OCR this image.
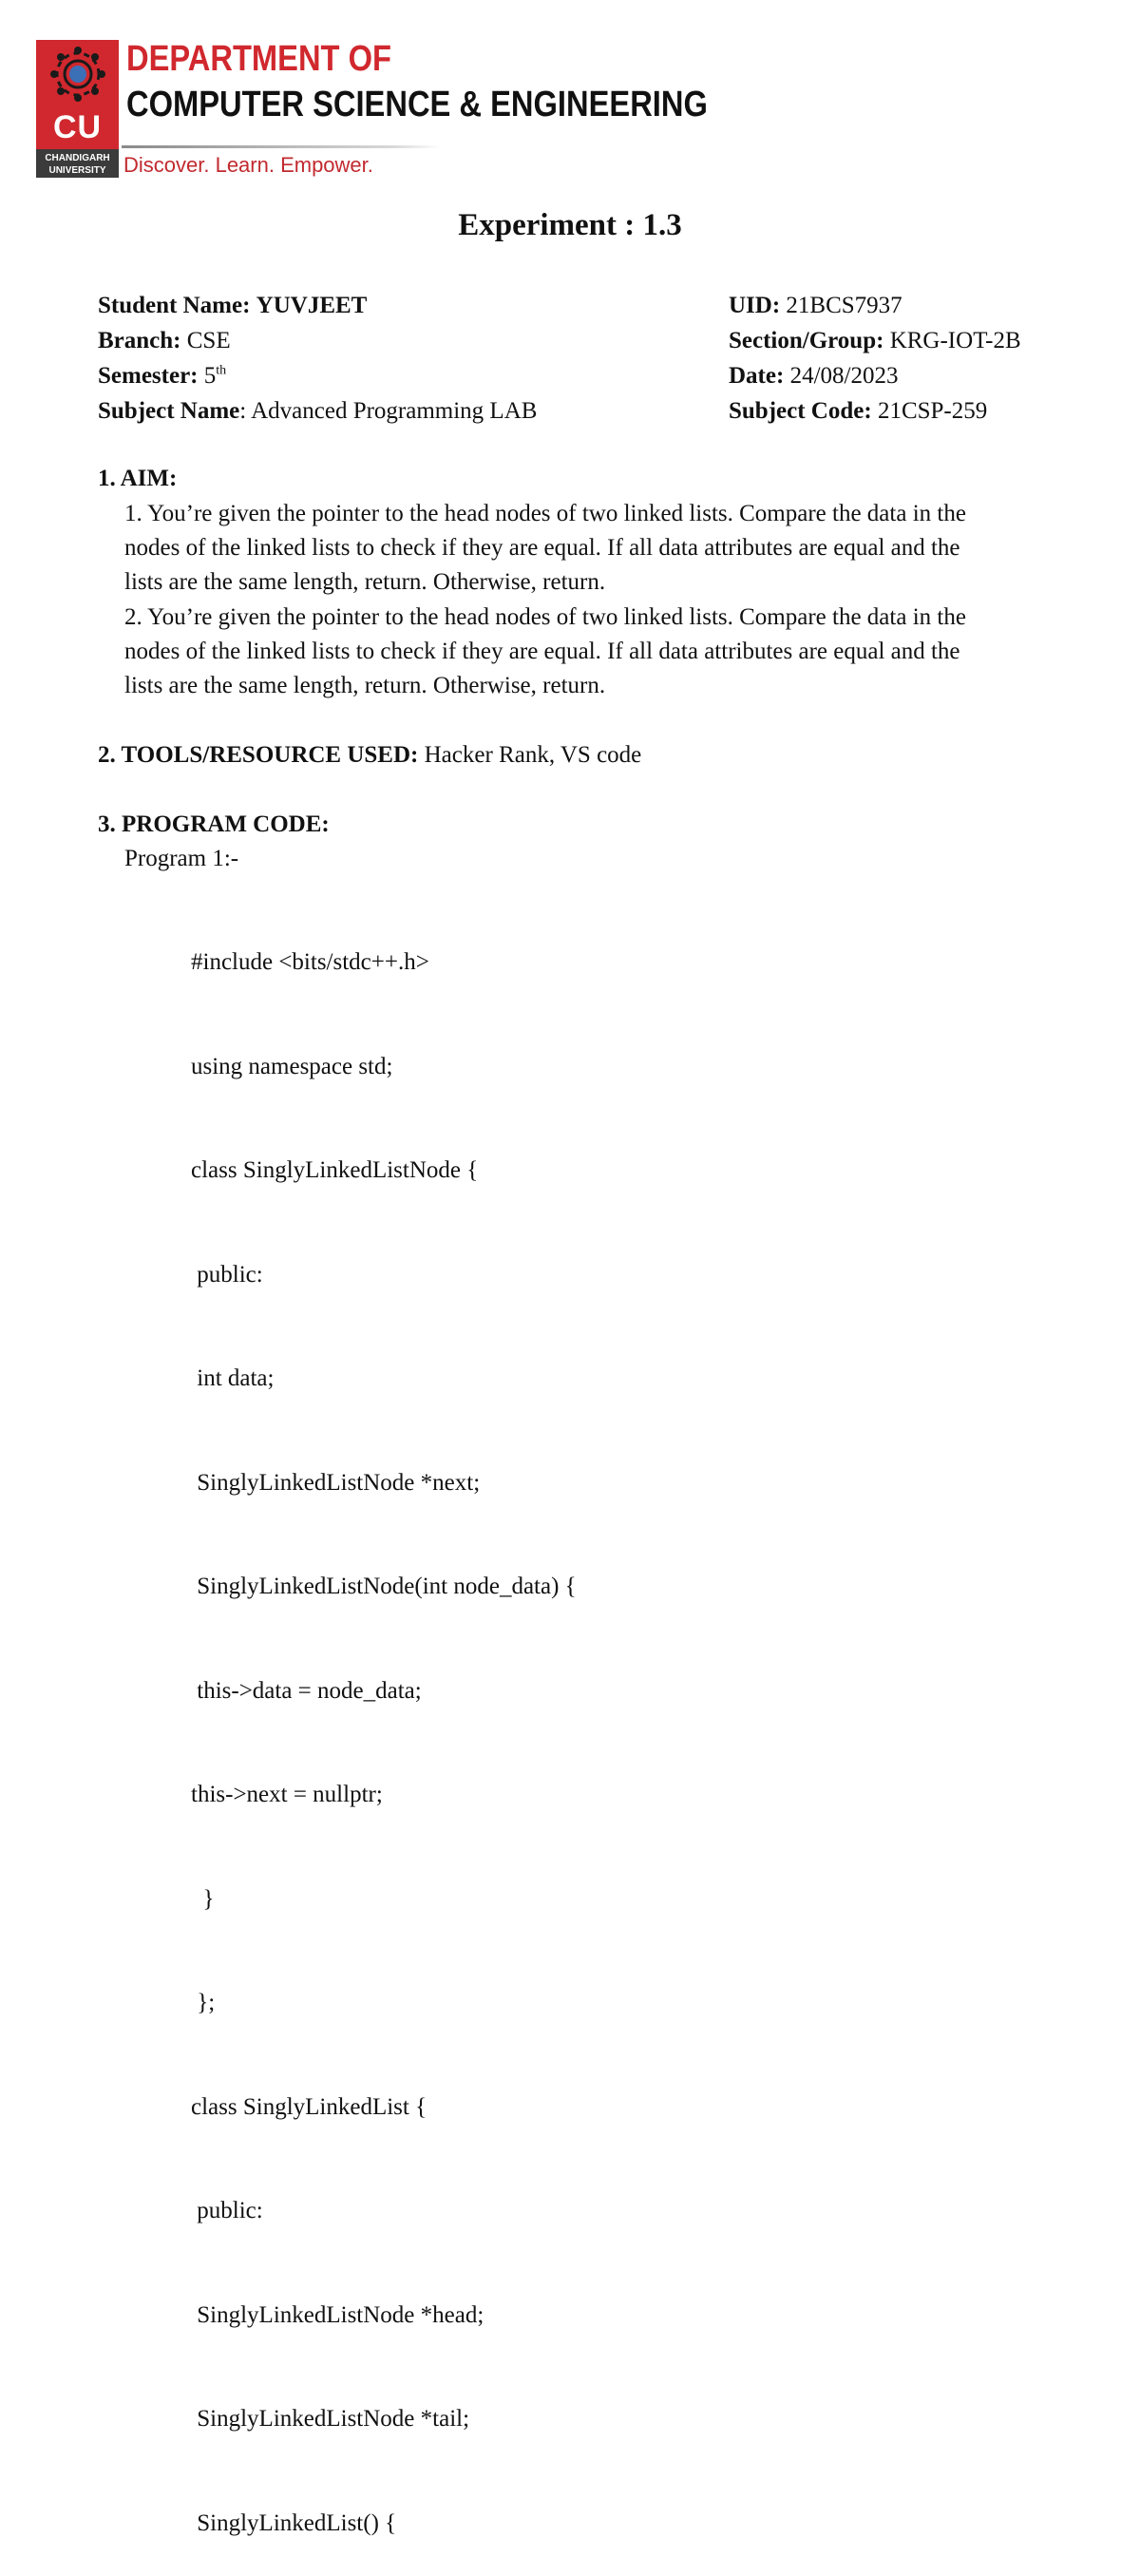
CU
CHANDIGARH
UNIVERSITY
DEPARTMENT OF
COMPUTER SCIENCE & ENGINEERING
Discover. Learn. Empower.
Experiment : 1.3
Student Name: YUVJEET
Branch: CSE
Semester: 5th
Subject Name: Advanced Programming LAB
UID: 21BCS7937
Section/Group: KRG-IOT-2B
Date: 24/08/2023
Subject Code: 21CSP-259
1. AIM:
1. You’re given the pointer to the head nodes of two linked lists. Compare the data in the
nodes of the linked lists to check if they are equal. If all data attributes are equal and the
lists are the same length, return. Otherwise, return.
2. You’re given the pointer to the head nodes of two linked lists. Compare the data in the
nodes of the linked lists to check if they are equal. If all data attributes are equal and the
lists are the same length, return. Otherwise, return.
2. TOOLS/RESOURCE USED: Hacker Rank, VS code
3. PROGRAM CODE:
Program 1:-

#include <bits/stdc++.h>

using namespace std;

class SinglyLinkedListNode {

public:

int data;

SinglyLinkedListNode *next;

SinglyLinkedListNode(int node_data) {

this->data = node_data;

this->next = nullptr;

}

};

class SinglyLinkedList {

public:

SinglyLinkedListNode *head;

SinglyLinkedListNode *tail;

SinglyLinkedList() {
